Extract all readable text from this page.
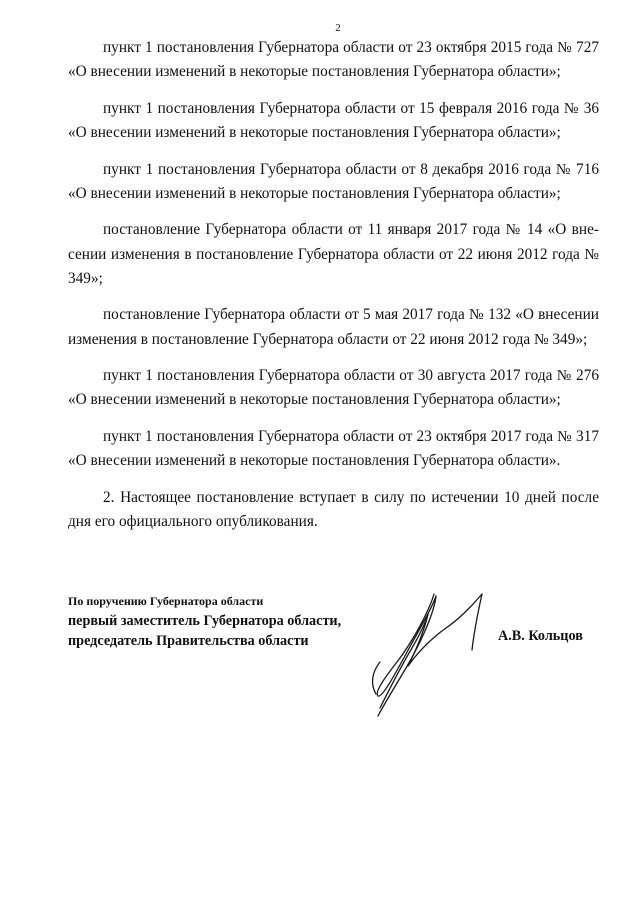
2

пункт 1 постановления Губернатора области от 23 октября 2015 года № 727 «О внесении изменений в некоторые постановления Губернатора области»;

пункт 1 постановления Губернатора области от 15 февраля 2016 года № 36 «О внесении изменений в некоторые постановления Губернатора области»;

пункт 1 постановления Губернатора области от 8 декабря 2016 года № 716 «О внесении изменений в некоторые постановления Губернатора области»;

постановление Губернатора области от 11 января 2017 года № 14 «О внесении изменения в постановление Губернатора области от 22 июня 2012 года № 349»;

постановление Губернатора области от 5 мая 2017 года № 132 «О внесении изменения в постановление Губернатора области от 22 июня 2012 года № 349»;

пункт 1 постановления Губернатора области от 30 августа 2017 года № 276 «О внесении изменений в некоторые постановления Губернатора области»;

пункт 1 постановления Губернатора области от 23 октября 2017 года № 317 «О внесении изменений в некоторые постановления Губернатора области».

2. Настоящее постановление вступает в силу по истечении 10 дней после дня его официального опубликования.

По поручению Губернатора области
первый заместитель Губернатора области,
председатель Правительства области	А.В. Кольцов
